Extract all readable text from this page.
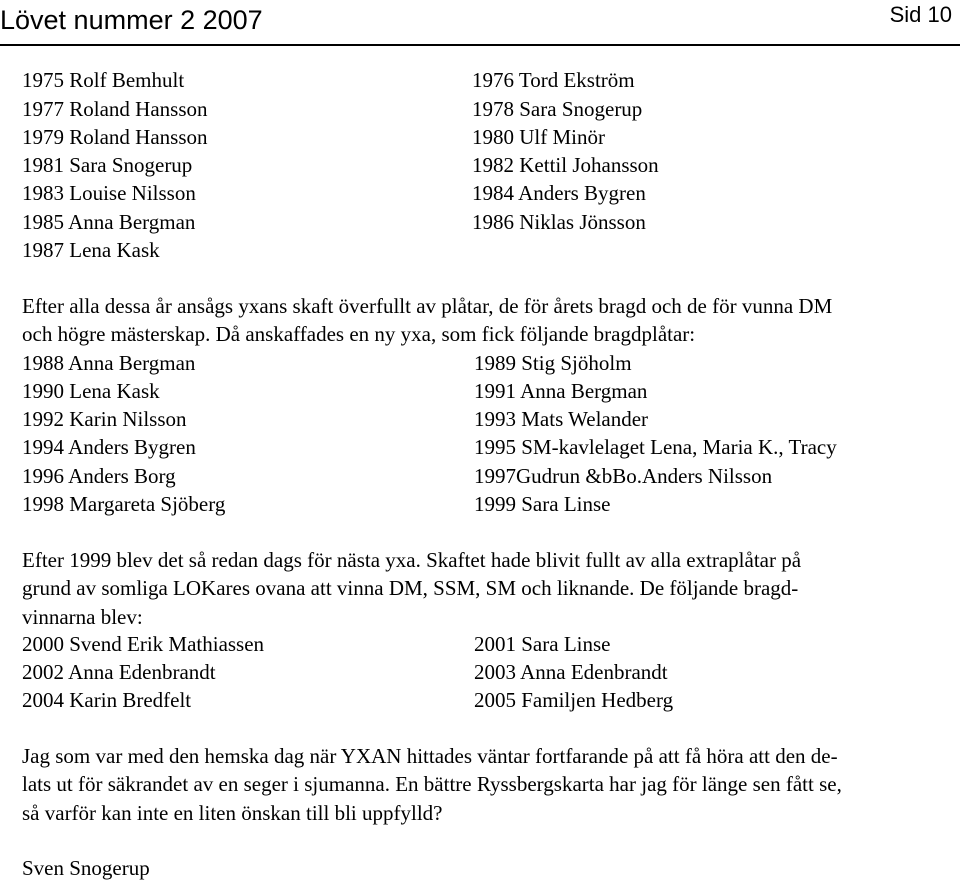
Lövet nummer 2 2007	Sid 10
1975 Rolf Bemhult	1976 Tord Ekström
1977 Roland Hansson	1978 Sara Snogerup
1979 Roland Hansson	1980 Ulf Minör
1981 Sara Snogerup	1982 Kettil Johansson
1983 Louise Nilsson	1984 Anders Bygren
1985 Anna Bergman	1986 Niklas Jönsson
1987 Lena Kask
Efter alla dessa år ansågs yxans skaft överfullt av plåtar, de för årets bragd och de för vunna DM
och högre mästerskap. Då anskaffades en ny yxa, som fick följande bragdplåtar:
1988 Anna Bergman	1989 Stig Sjöholm
1990 Lena Kask	1991 Anna Bergman
1992 Karin Nilsson	1993 Mats Welander
1994 Anders Bygren	1995 SM-kavlelaget Lena, Maria K., Tracy
1996 Anders Borg	1997Gudrun &bBo.Anders Nilsson
1998 Margareta Sjöberg	1999 Sara Linse
Efter 1999 blev det så redan dags för nästa yxa. Skaftet hade blivit fullt av alla extraplåtar på
grund av somliga LOKares ovana att vinna DM, SSM, SM och liknande. De följande bragd-
vinnarna blev:
2000 Svend Erik Mathiassen	2001 Sara Linse
2002 Anna Edenbrandt	2003 Anna Edenbrandt
2004 Karin Bredfelt	2005 Familjen Hedberg
Jag som var med den hemska dag när YXAN hittades väntar fortfarande på att få höra att den de-
lats ut för säkrandet av en seger i sjumanna. En bättre Ryssbergskarta har jag för länge sen fått se,
så varför kan inte en liten önskan till bli uppfylld?
Sven Snogerup
